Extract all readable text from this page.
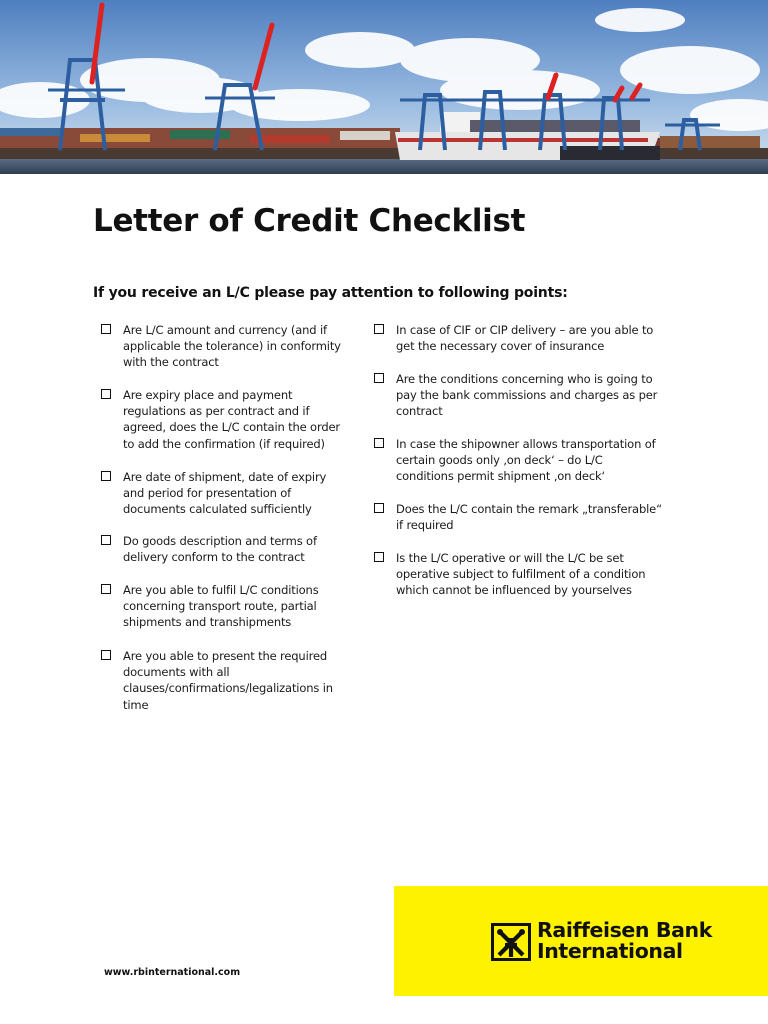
Letter of Credit Checklist

If you receive an L/C please pay attention to following points:

Are L/C amount and currency (and if applicable the tolerance) in conformity with the contract
Are expiry place and payment regulations as per contract and if agreed, does the L/C contain the order to add the confirmation (if required)
Are date of shipment, date of expiry and period for presentation of documents calculated sufficiently
Do goods description and terms of delivery conform to the contract
Are you able to fulfil L/C conditions concerning transport route, partial shipments and transhipments
Are you able to present the required documents with all clauses/confirmations/legalizations in time
In case of CIF or CIP delivery – are you able to get the necessary cover of insurance
Are the conditions concerning who is going to pay the bank commissions and charges as per contract
In case the shipowner allows transportation of certain goods only ‚on deck‘ – do L/C conditions permit shipment ‚on deck‘
Does the L/C contain the remark „transferable“ if required
Is the L/C operative or will the L/C be set operative subject to fulfilment of a condition which cannot be influenced by yourselves
www.rbinternational.com

Raiffeisen Bank
International
